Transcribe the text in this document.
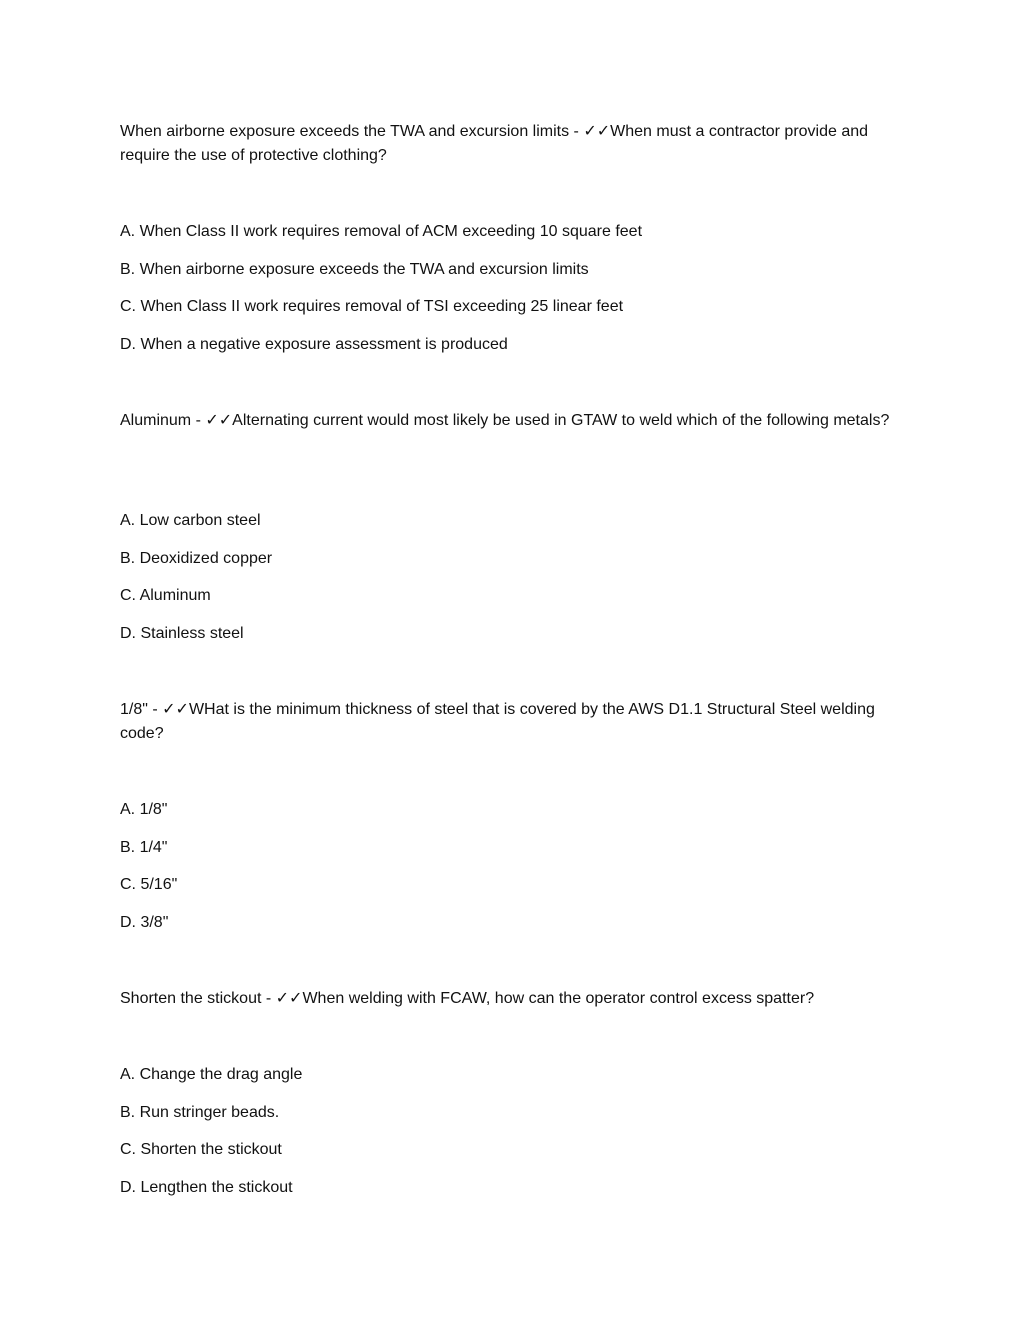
When airborne exposure exceeds the TWA and excursion limits - ✓✓When must a contractor provide and require the use of protective clothing?

A. When Class II work requires removal of ACM exceeding 10 square feet
B. When airborne exposure exceeds the TWA and excursion limits
C. When Class II work requires removal of TSI exceeding 25 linear feet
D. When a negative exposure assessment is produced

Aluminum - ✓✓Alternating current would most likely be used in GTAW to weld which of the following metals?

A. Low carbon steel
B. Deoxidized copper
C. Aluminum
D. Stainless steel

1/8" - ✓✓WHat is the minimum thickness of steel that is covered by the AWS D1.1 Structural Steel welding code?

A. 1/8"
B. 1/4"
C. 5/16"
D. 3/8"

Shorten the stickout - ✓✓When welding with FCAW, how can the operator control excess spatter?

A. Change the drag angle
B. Run stringer beads.
C. Shorten the stickout
D. Lengthen the stickout
